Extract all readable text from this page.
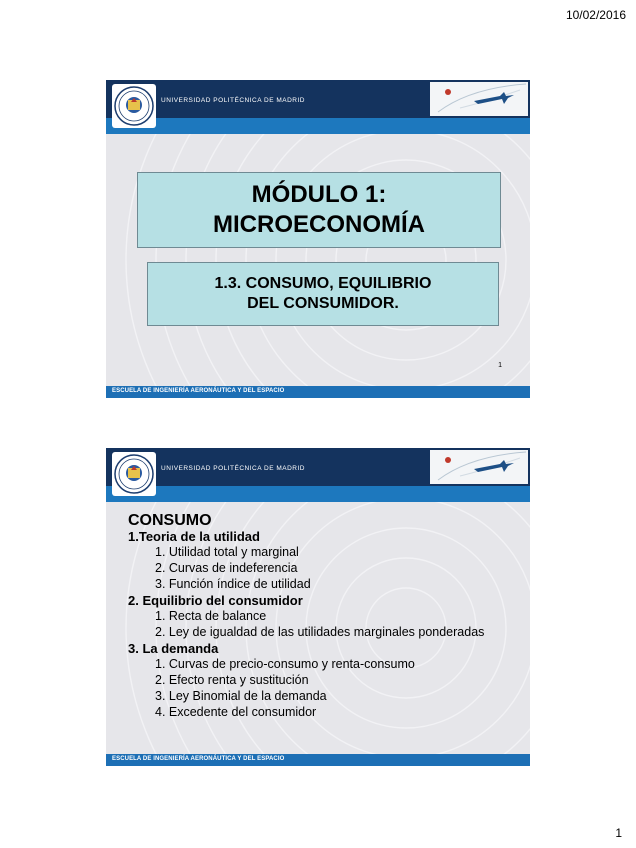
10/02/2016
UNIVERSIDAD POLITÉCNICA DE MADRID
MÓDULO 1:
MICROECONOMÍA
1.3. CONSUMO, EQUILIBRIO
DEL CONSUMIDOR.
1
ESCUELA DE INGENIERÍA AERONÁUTICA Y DEL ESPACIO
UNIVERSIDAD POLITÉCNICA DE MADRID
CONSUMO
1.Teoria de la utilidad
1. Utilidad total y marginal
2. Curvas de indeferencia
3. Función índice de utilidad
2. Equilibrio del consumidor
1. Recta de balance
2. Ley de igualdad de las utilidades marginales ponderadas
3. La demanda
1. Curvas de precio-consumo y renta-consumo
2. Efecto renta y sustitución
3. Ley Binomial de la demanda
4. Excedente del consumidor
ESCUELA DE INGENIERÍA AERONÁUTICA Y DEL ESPACIO
1
